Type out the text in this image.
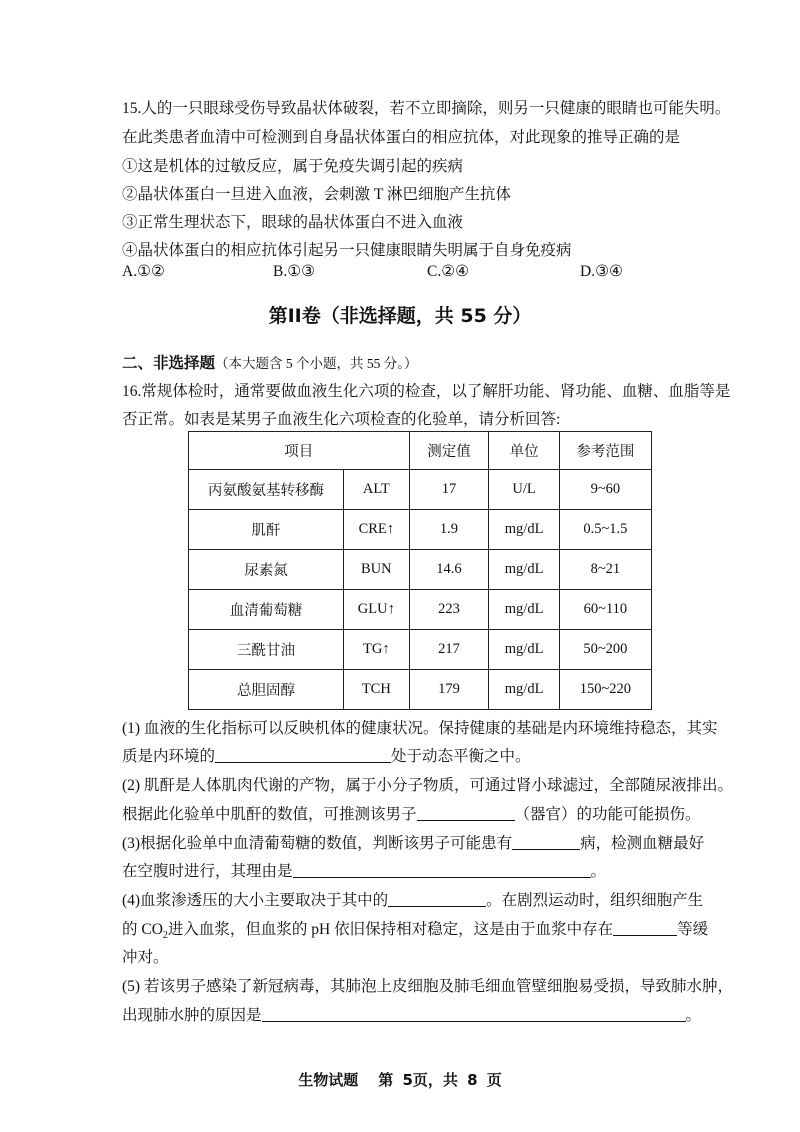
15.人的一只眼球受伤导致晶状体破裂，若不立即摘除，则另一只健康的眼睛也可能失明。
在此类患者血清中可检测到自身晶状体蛋白的相应抗体，对此现象的推导正确的是
①这是机体的过敏反应，属于免疫失调引起的疾病
②晶状体蛋白一旦进入血液，会刺激 T 淋巴细胞产生抗体
③正常生理状态下，眼球的晶状体蛋白不进入血液
④晶状体蛋白的相应抗体引起另一只健康眼睛失明属于自身免疫病
A.①②	B.①③	C.②④	D.③④
第II卷（非选择题，共 55 分）
二、非选择题（本大题含 5 个小题，共 55 分。）
16.常规体检时，通常要做血液生化六项的检查，以了解肝功能、肾功能、血糖、血脂等是
否正常。如表是某男子血液生化六项检查的化验单，请分析回答:
项目		测定值	单位	参考范围
丙氨酸氨基转移酶	ALT	17	U/L	9~60
肌酐	CRE↑	1.9	mg/dL	0.5~1.5
尿素氮	BUN	14.6	mg/dL	8~21
血清葡萄糖	GLU↑	223	mg/dL	60~110
三酰甘油	TG↑	217	mg/dL	50~200
总胆固醇	TCH	179	mg/dL	150~220
(1) 血液的生化指标可以反映机体的健康状况。保持健康的基础是内环境维持稳态，其实
质是内环境的	处于动态平衡之中。
(2) 肌酐是人体肌肉代谢的产物，属于小分子物质，可通过肾小球滤过，全部随尿液排出。
根据此化验单中肌酐的数值，可推测该男子	（器官）的功能可能损伤。
(3)根据化验单中血清葡萄糖的数值，判断该男子可能患有	病，检测血糖最好
在空腹时进行，其理由是	。
(4)血浆渗透压的大小主要取决于其中的	。在剧烈运动时，组织细胞产生
的 $CO_2$进入血浆，但血浆的 pH 依旧保持相对稳定，这是由于血浆中存在	等缓
冲对。
(5) 若该男子感染了新冠病毒，其肺泡上皮细胞及肺毛细血管壁细胞易受损，导致肺水肿，
出现肺水肿的原因是	。
生物试题 第 5页，共 8 页
